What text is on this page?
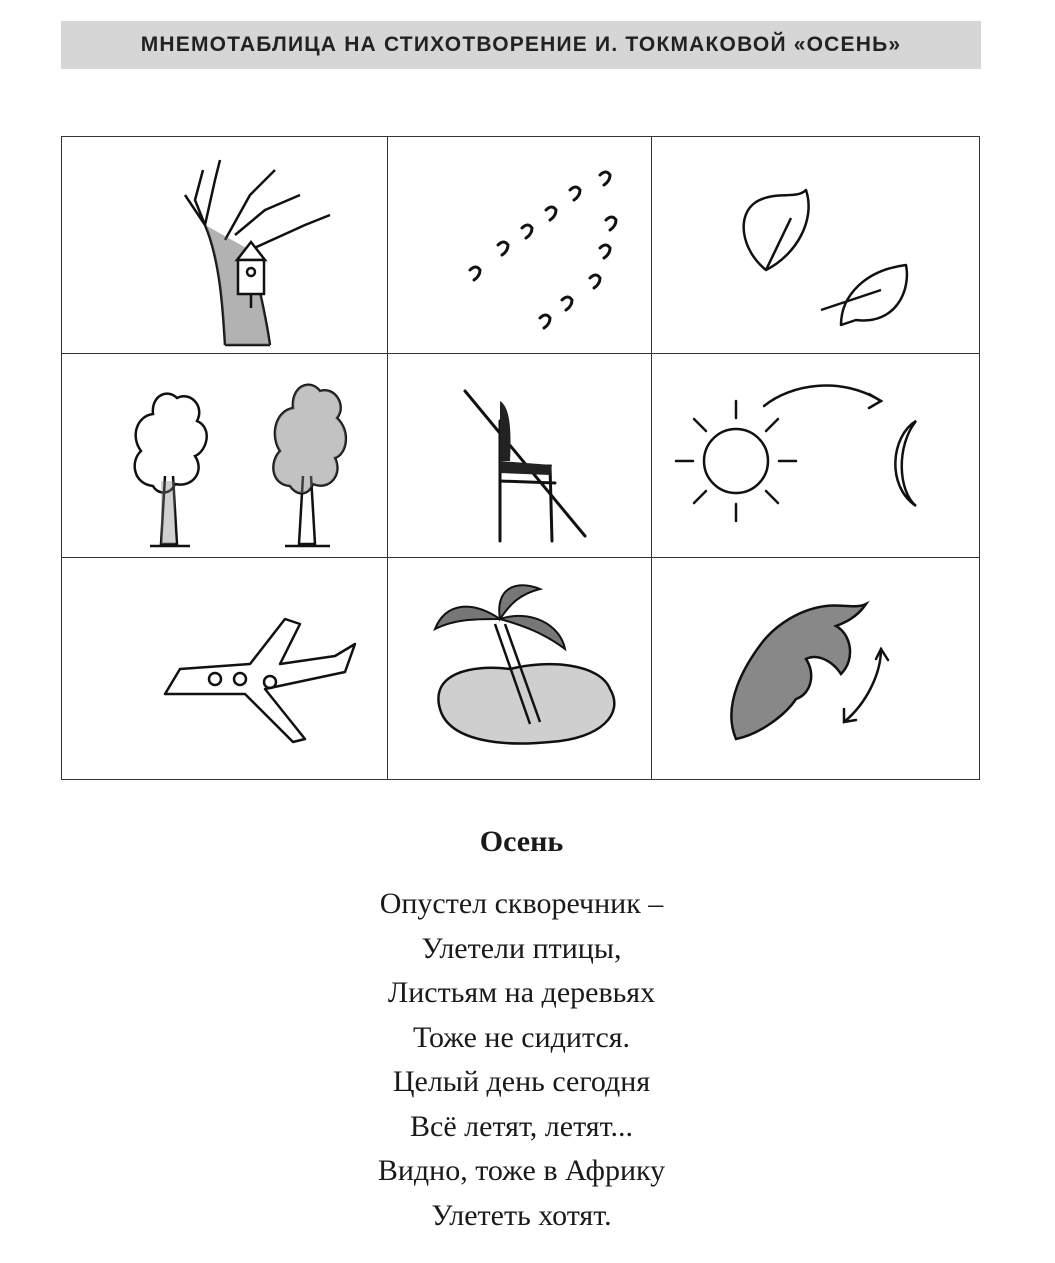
МНЕМОТАБЛИЦА НА СТИХОТВОРЕНИЕ И. ТОКМАКОВОЙ «ОСЕНЬ»
Осень
Опустел скворечник –
Улетели птицы,
Листьям на деревьях
Тоже не сидится.
Целый день сегодня
Всё летят, летят...
Видно, тоже в Африку
Улететь хотят.
